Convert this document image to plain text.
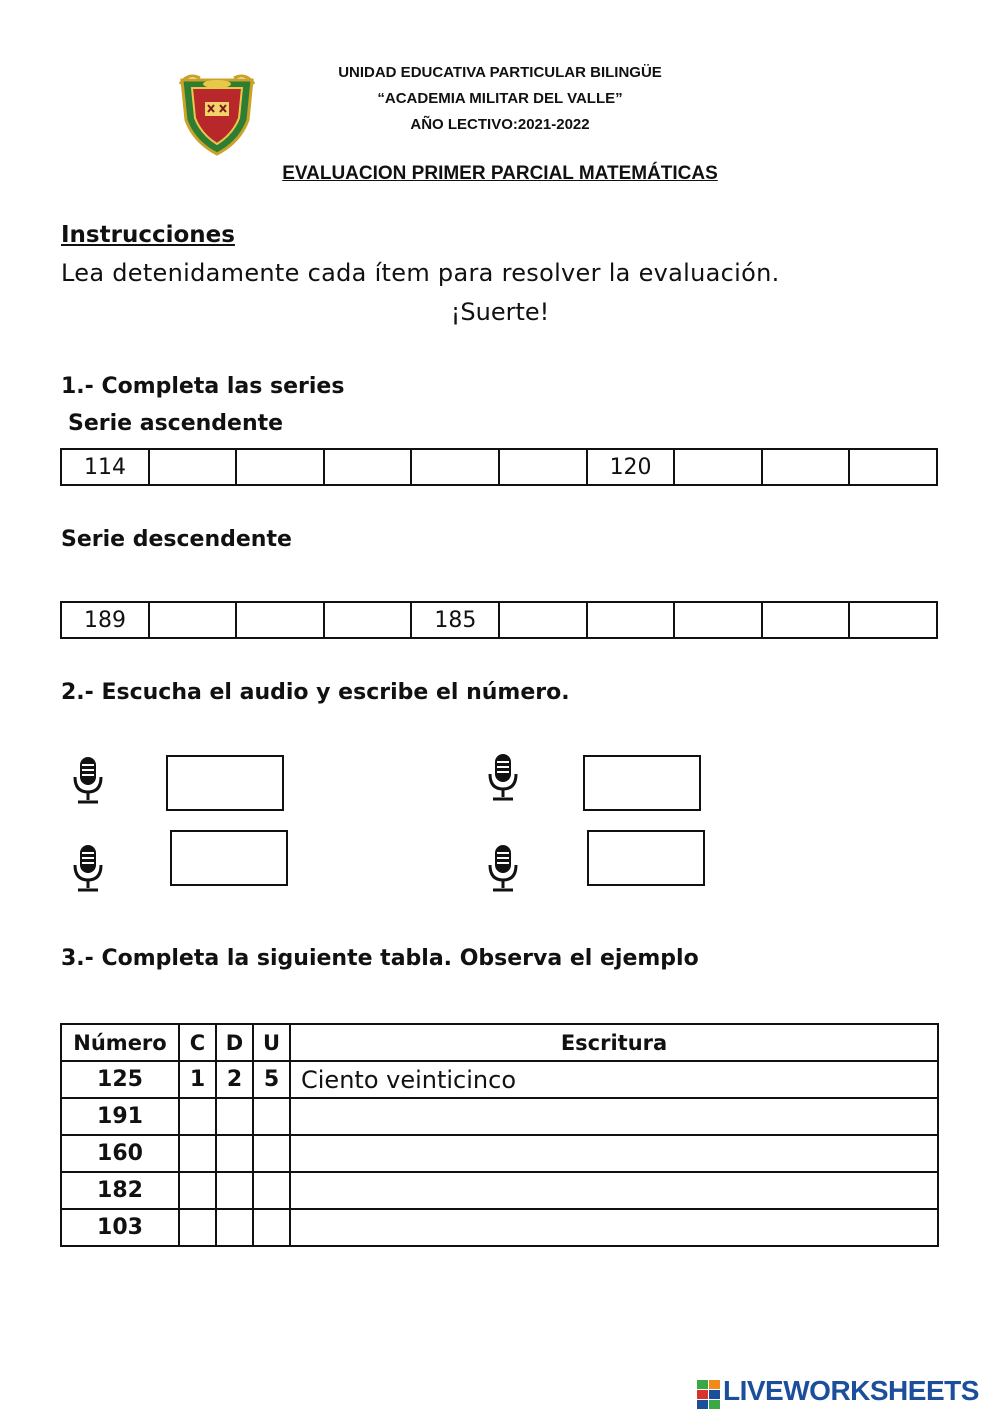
UNIDAD EDUCATIVA PARTICULAR BILINGÜE
“ACADEMIA MILITAR DEL VALLE”
AÑO LECTIVO:2021-2022
EVALUACION PRIMER PARCIAL MATEMÁTICAS
Instrucciones
Lea detenidamente cada ítem para resolver la evaluación.
¡Suerte!
1.- Completa las series
Serie ascendente
114						120			
Serie descendente
189				185					
2.- Escucha el audio y escribe el número.
3.- Completa la siguiente tabla. Observa el ejemplo
Número	C	D	U	Escritura
125	1	2	5	Ciento veinticinco
191				
160				
182				
103				
LIVEWORKSHEETS
